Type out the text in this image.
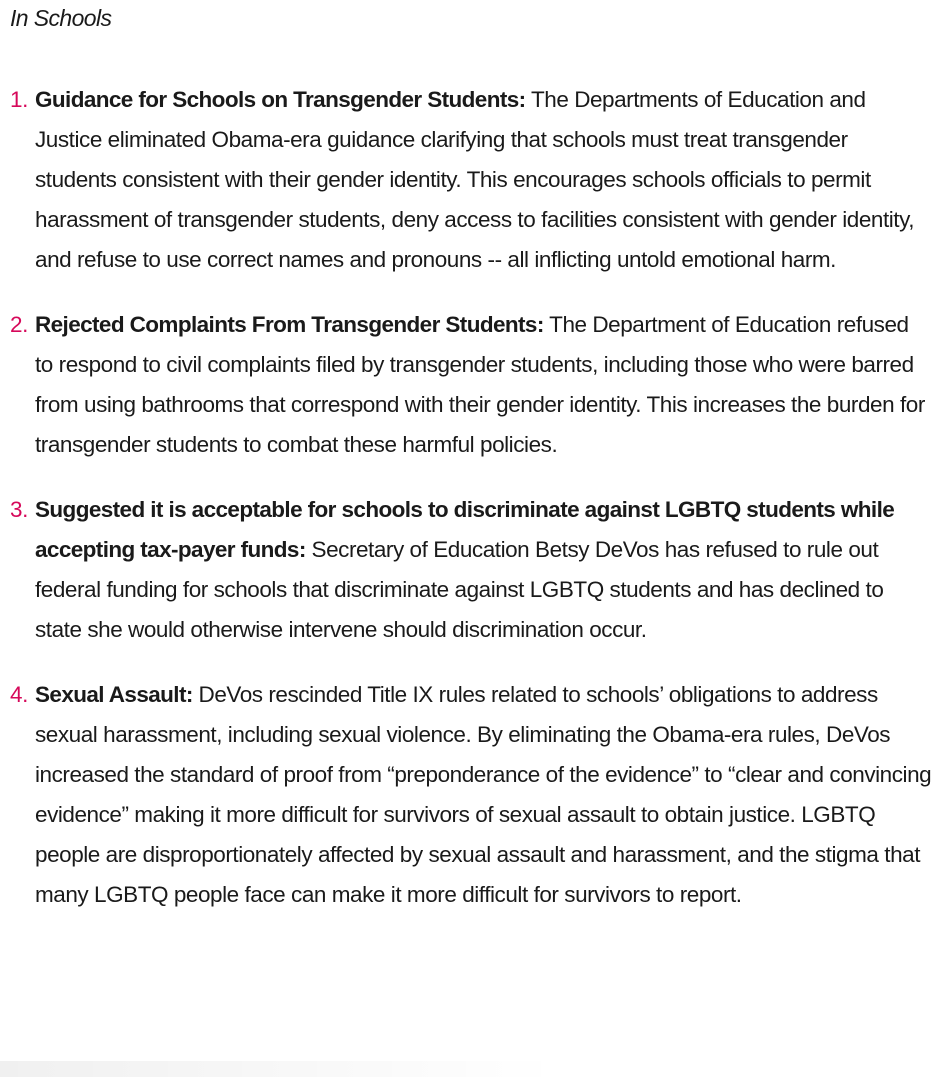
In Schools
1. Guidance for Schools on Transgender Students: The Departments of Education and Justice eliminated Obama-era guidance clarifying that schools must treat transgender students consistent with their gender identity. This encourages schools officials to permit harassment of transgender students, deny access to facilities consistent with gender identity, and refuse to use correct names and pronouns -- all inflicting untold emotional harm.
2. Rejected Complaints From Transgender Students: The Department of Education refused to respond to civil complaints filed by transgender students, including those who were barred from using bathrooms that correspond with their gender identity. This increases the burden for transgender students to combat these harmful policies.
3. Suggested it is acceptable for schools to discriminate against LGBTQ students while accepting tax-payer funds: Secretary of Education Betsy DeVos has refused to rule out federal funding for schools that discriminate against LGBTQ students and has declined to state she would otherwise intervene should discrimination occur.
4. Sexual Assault: DeVos rescinded Title IX rules related to schools’ obligations to address sexual harassment, including sexual violence. By eliminating the Obama-era rules, DeVos increased the standard of proof from “preponderance of the evidence” to “clear and convincing evidence” making it more difficult for survivors of sexual assault to obtain justice. LGBTQ people are disproportionately affected by sexual assault and harassment, and the stigma that many LGBTQ people face can make it more difficult for survivors to report.
